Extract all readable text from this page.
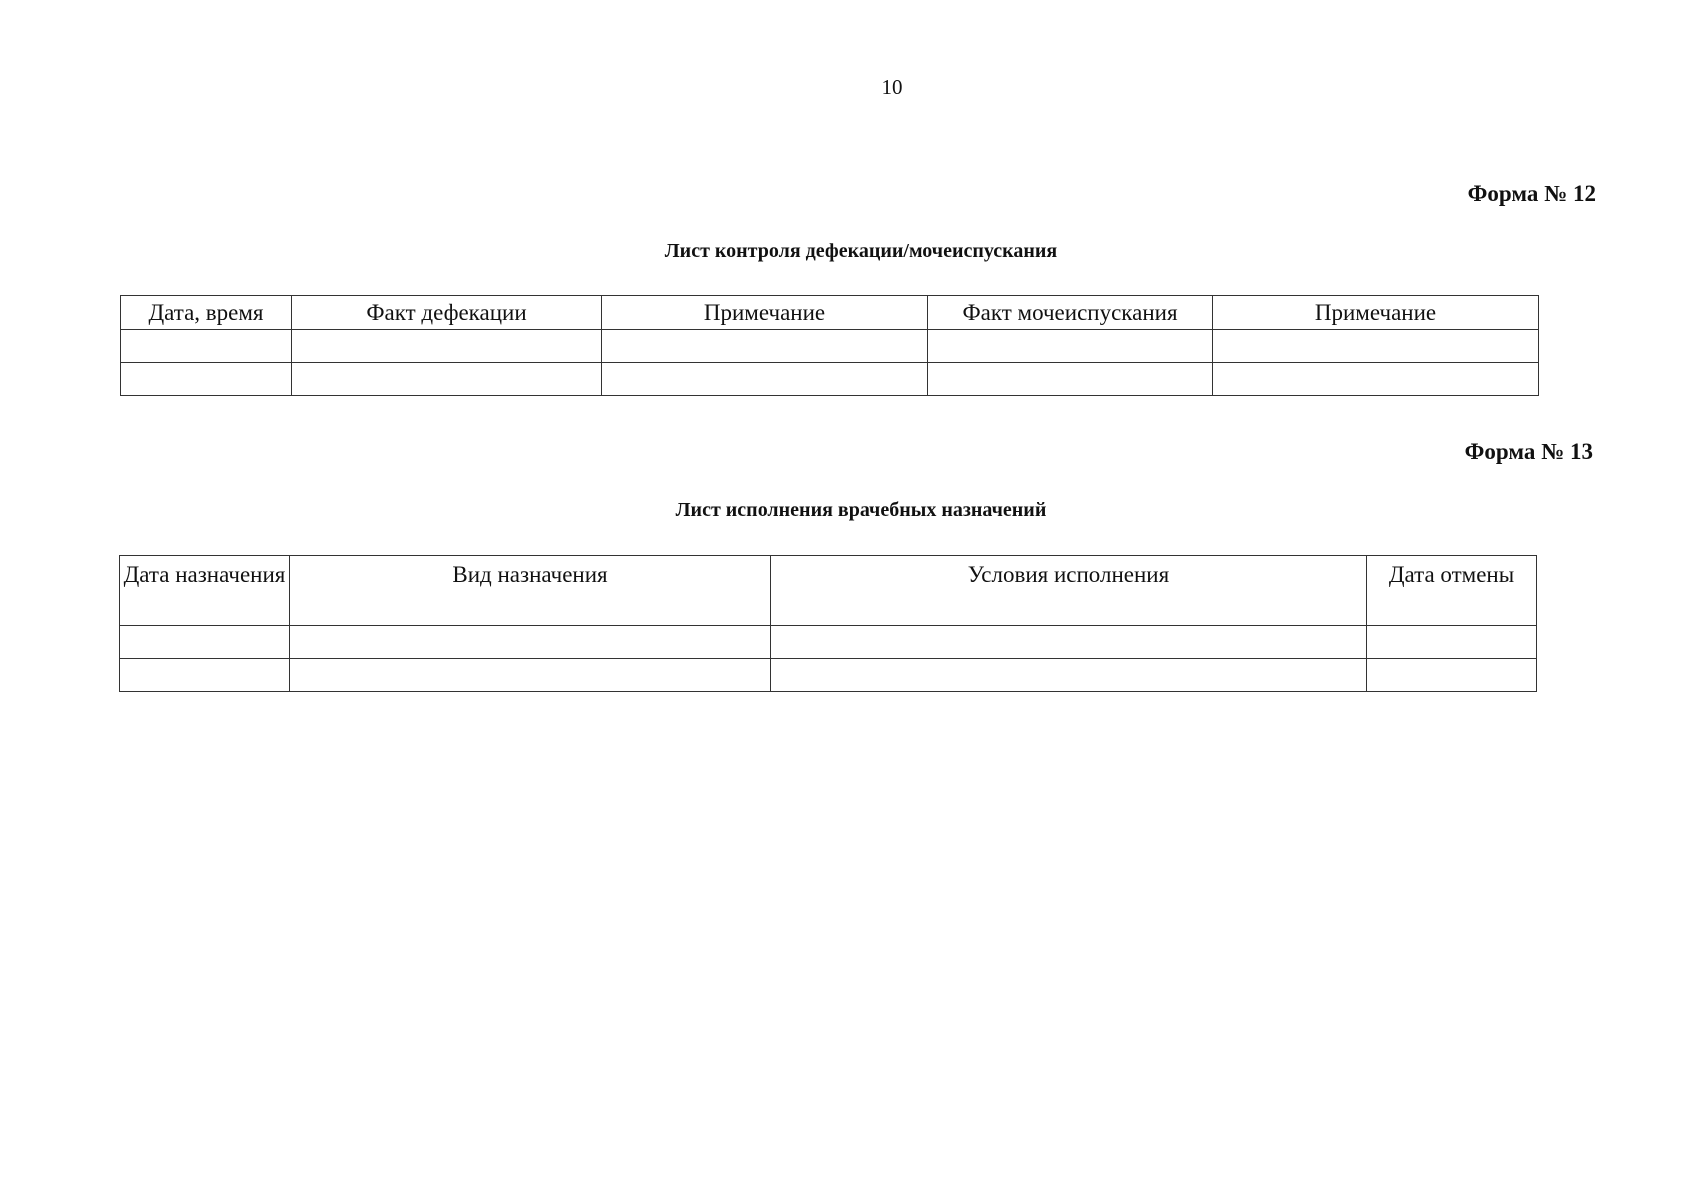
10
Форма № 12
Лист контроля дефекации/мочеиспускания
Дата, время	Факт дефекации	Примечание	Факт мочеиспускания	Примечание

Форма № 13
Лист исполнения врачебных назначений
Дата назначения	Вид назначения	Условия исполнения	Дата отмены
